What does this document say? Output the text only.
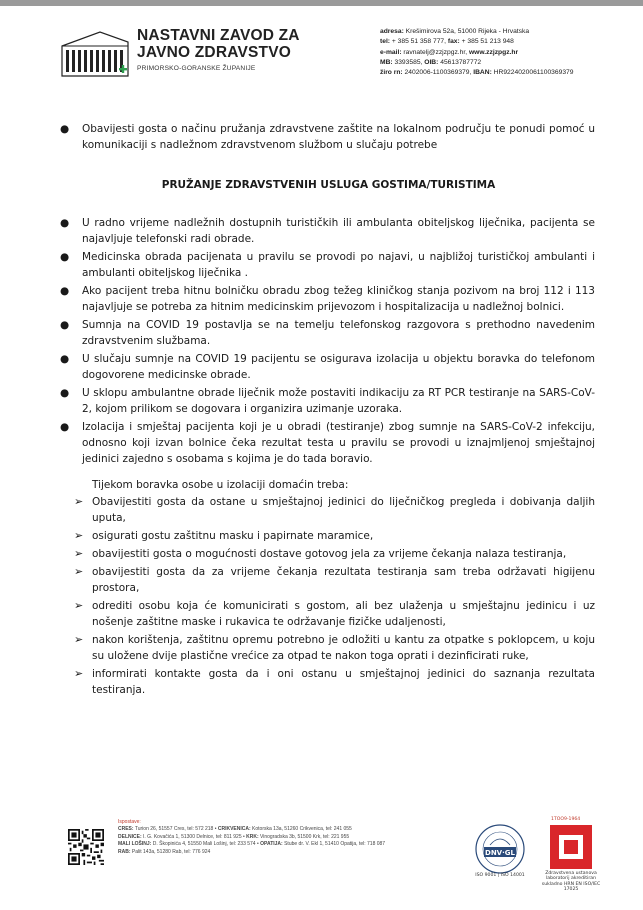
NASTAVNI ZAVOD ZA
JAVNO ZDRAVSTVO
PRIMORSKO-GORANSKE ŽUPANIJE
adresa: Krešimirova 52a, 51000 Rijeka - Hrvatska
tel: + 385 51 358 777, fax: + 385 51 213 948
e-mail: ravnatelj@zzjzpgz.hr, www.zzjzpgz.hr
MB: 3393585, OIB: 45613787772
žiro rn: 2402006-1100369379, IBAN: HR9224020061100369379
● Obavijesti gosta o načinu pružanja zdravstvene zaštite na lokalnom području te ponudi pomoć u komunikaciji s nadležnom zdravstvenom službom u slučaju potrebe
PRUŽANJE ZDRAVSTVENIH USLUGA GOSTIMA/TURISTIMA
● U radno vrijeme nadležnih dostupnih turističkih ili ambulanta obiteljskog liječnika, pacijenta se najavljuje telefonski radi obrade.
● Medicinska obrada pacijenata u pravilu se provodi po najavi, u najbližoj turističkoj ambulanti i ambulanti obiteljskog liječnika .
● Ako pacijent treba hitnu bolničku obradu zbog težeg kliničkog stanja pozivom na broj 112 i 113 najavljuje se potreba za hitnim medicinskim prijevozom i hospitalizacija u nadležnoj bolnici.
● Sumnja na COVID 19 postavlja se na temelju telefonskog razgovora s prethodno navedenim zdravstvenim službama.
● U slučaju sumnje na COVID 19 pacijentu se osigurava izolacija u objektu boravka do telefonom dogovorene medicinske obrade.
● U sklopu ambulantne obrade liječnik može postaviti indikaciju za RT PCR testiranje na SARS-CoV-2, kojom prilikom se dogovara i organizira uzimanje uzoraka.
● Izolacija i smještaj pacijenta koji je u obradi (testiranje) zbog sumnje na SARS-CoV-2 infekciju, odnosno koji izvan bolnice čeka rezultat testa u pravilu se provodi u iznajmljenoj smještajnoj jedinici zajedno s osobama s kojima je do tada boravio.
Tijekom boravka osobe u izolaciji domaćin treba:
➢ Obavijestiti gosta da ostane u smještajnoj jedinici do liječničkog pregleda i dobivanja daljih uputa,
➢ osigurati gostu zaštitnu masku i papirnate maramice,
➢ obavijestiti gosta o mogućnosti dostave gotovog jela za vrijeme čekanja nalaza testiranja,
➢ obavijestiti gosta da za vrijeme čekanja rezultata testiranja sam treba održavati higijenu prostora,
➢ odrediti osobu koja će komunicirati s gostom, ali bez ulaženja u smještajnu jedinicu i uz nošenje zaštitne maske i rukavica te održavanje fizičke udaljenosti,
➢ nakon korištenja, zaštitnu opremu potrebno je odložiti u kantu za otpatke s poklopcem, u koju su uložene dvije plastične vrećice za otpad te nakon toga oprati i dezinficirati ruke,
➢ informirati kontakte gosta da i oni ostanu u smještajnoj jedinici do saznanja rezultata testiranja.
Ispostave:
CRES: Turion 26, 51557 Cres, tel: 572 218 • CRIKVENICA: Kotorska 13a, 51260 Crikvenica, tel: 241 055
DELNICE: I. G. Kovačića 1, 51300 Delnice, tel: 811 925 • KRK: Vinogradska 3b, 51500 Krk, tel: 221 955
MALI LOŠINJ: D. Škopinića 4, 51550 Mali Lošinj, tel: 233 574 • OPATIJA: Stube dr. V. Ekl 1, 51410 Opatija, tel: 718 087
RAB: Palit 143a, 51280 Rab, tel: 776 924	DNV·GL
ISO 9001 | ISO 14001
1TOO9-1964
Zdravstvena ustanova laboratorij akreditiran sukladno HRN EN ISO/IEC 17025
